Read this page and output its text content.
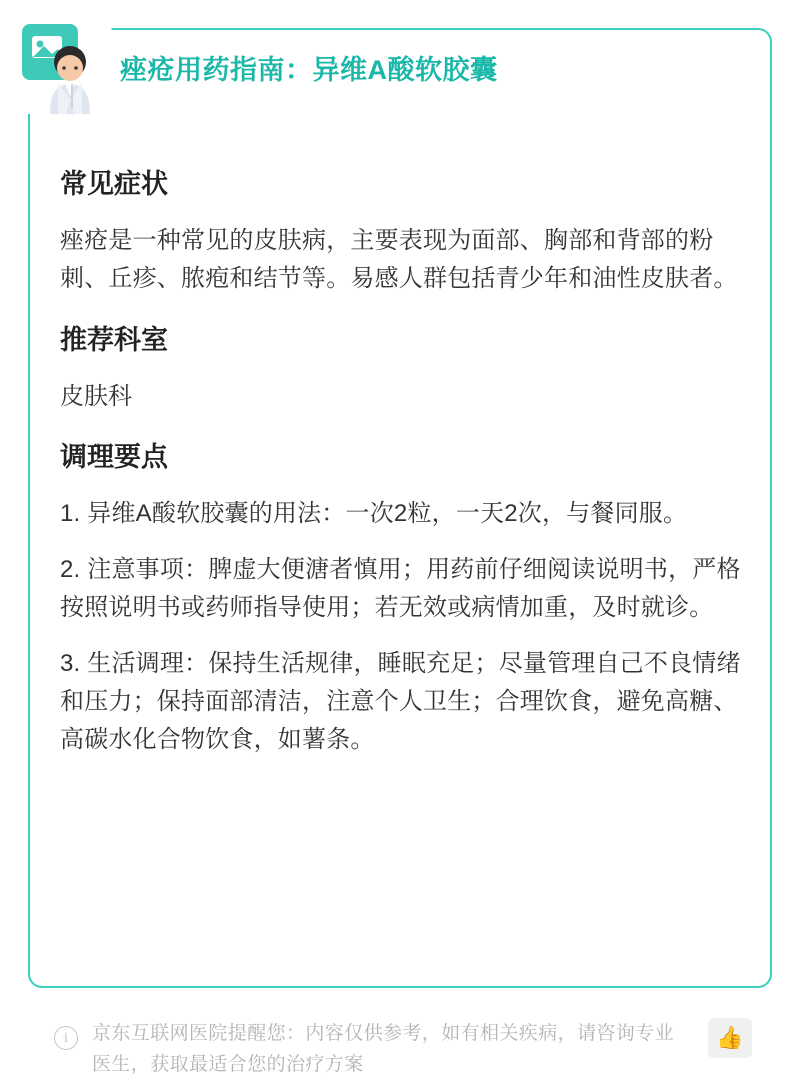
常见症状

痤疮是一种常见的皮肤病，主要表现为面部、胸部和背部的粉刺、丘疹、脓疱和结节等。易感人群包括青少年和油性皮肤者。

推荐科室

皮肤科

调理要点

1. 异维A酸软胶囊的用法：一次2粒，一天2次，与餐同服。

2. 注意事项：脾虚大便溏者慎用；用药前仔细阅读说明书，严格按照说明书或药师指导使用；若无效或病情加重，及时就诊。

3. 生活调理：保持生活规律，睡眠充足；尽量管理自己不良情绪和压力；保持面部清洁，注意个人卫生；合理饮食，避免高糖、高碳水化合物饮食，如薯条。

痤疮用药指南：异维A酸软胶囊
i	京东互联网医院提醒您：内容仅供参考，如有相关疾病，请咨询专业医生，获取最适合您的治疗方案
👍
